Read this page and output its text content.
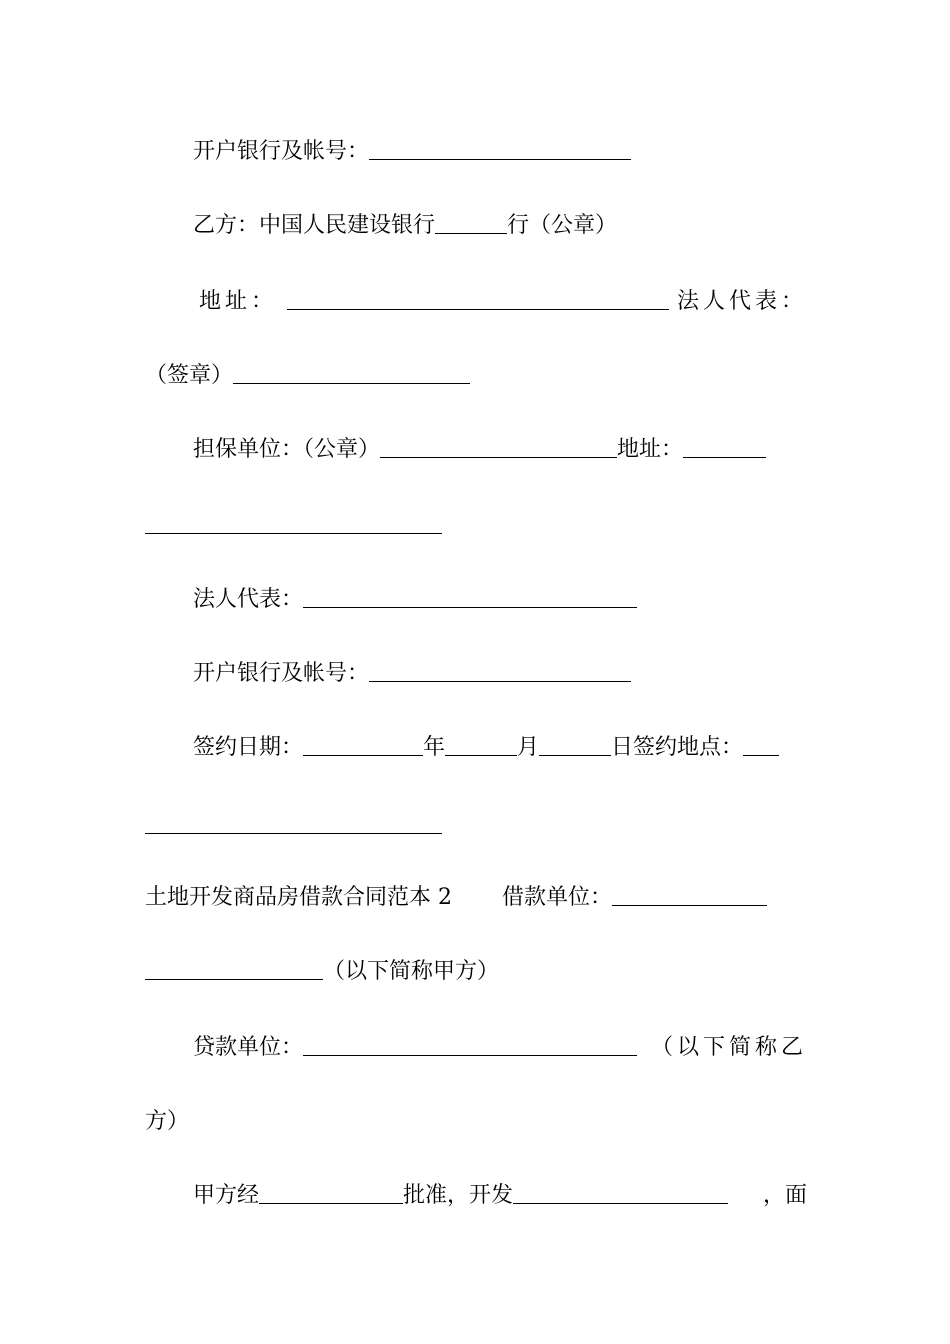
开户银行及帐号：
乙方：中国人民建设银行	行（公章）
地址：	法人代表：
（签章）
担保单位：（公章）	地址：
法人代表：
开户银行及帐号：
签约日期：	年	月	日签约地点：
土地开发商品房借款合同范本 2 借款单位：
（以下简称甲方）
贷款单位：	（以下简称乙
方）
甲方经	批准，开发	，面
